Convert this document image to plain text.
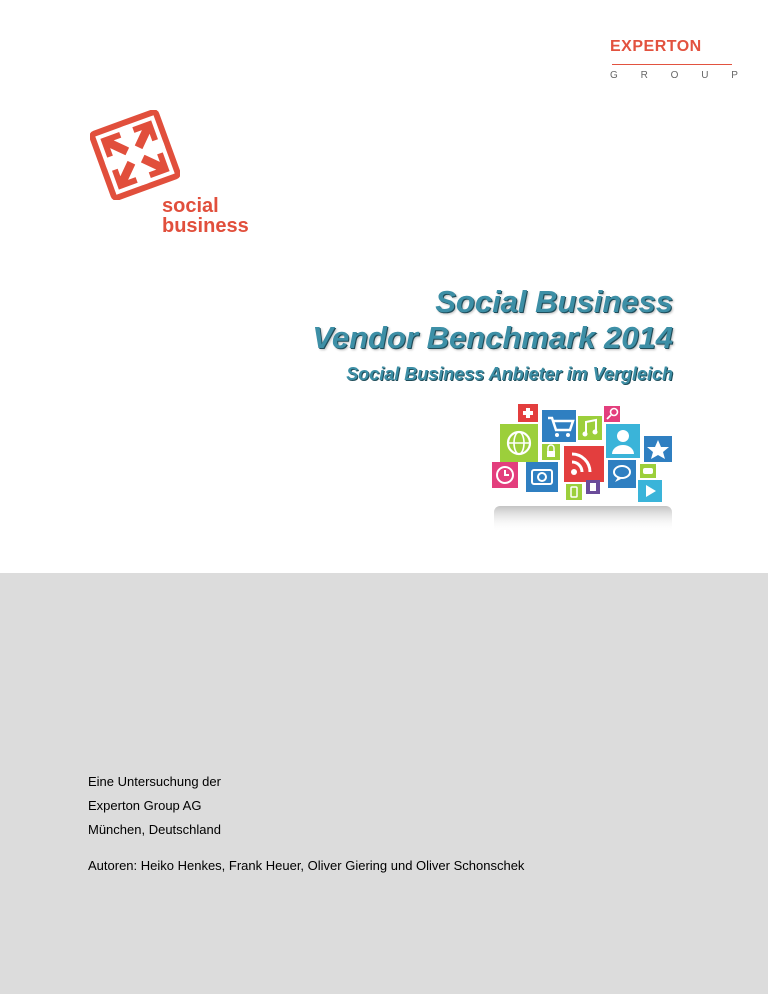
experton
G R O U P
social
business
Social Business
Vendor Benchmark 2014
Social Business Anbieter im Vergleich
Eine Untersuchung der
Experton Group AG
München, Deutschland
Autoren: Heiko Henkes, Frank Heuer, Oliver Giering und Oliver Schonschek
